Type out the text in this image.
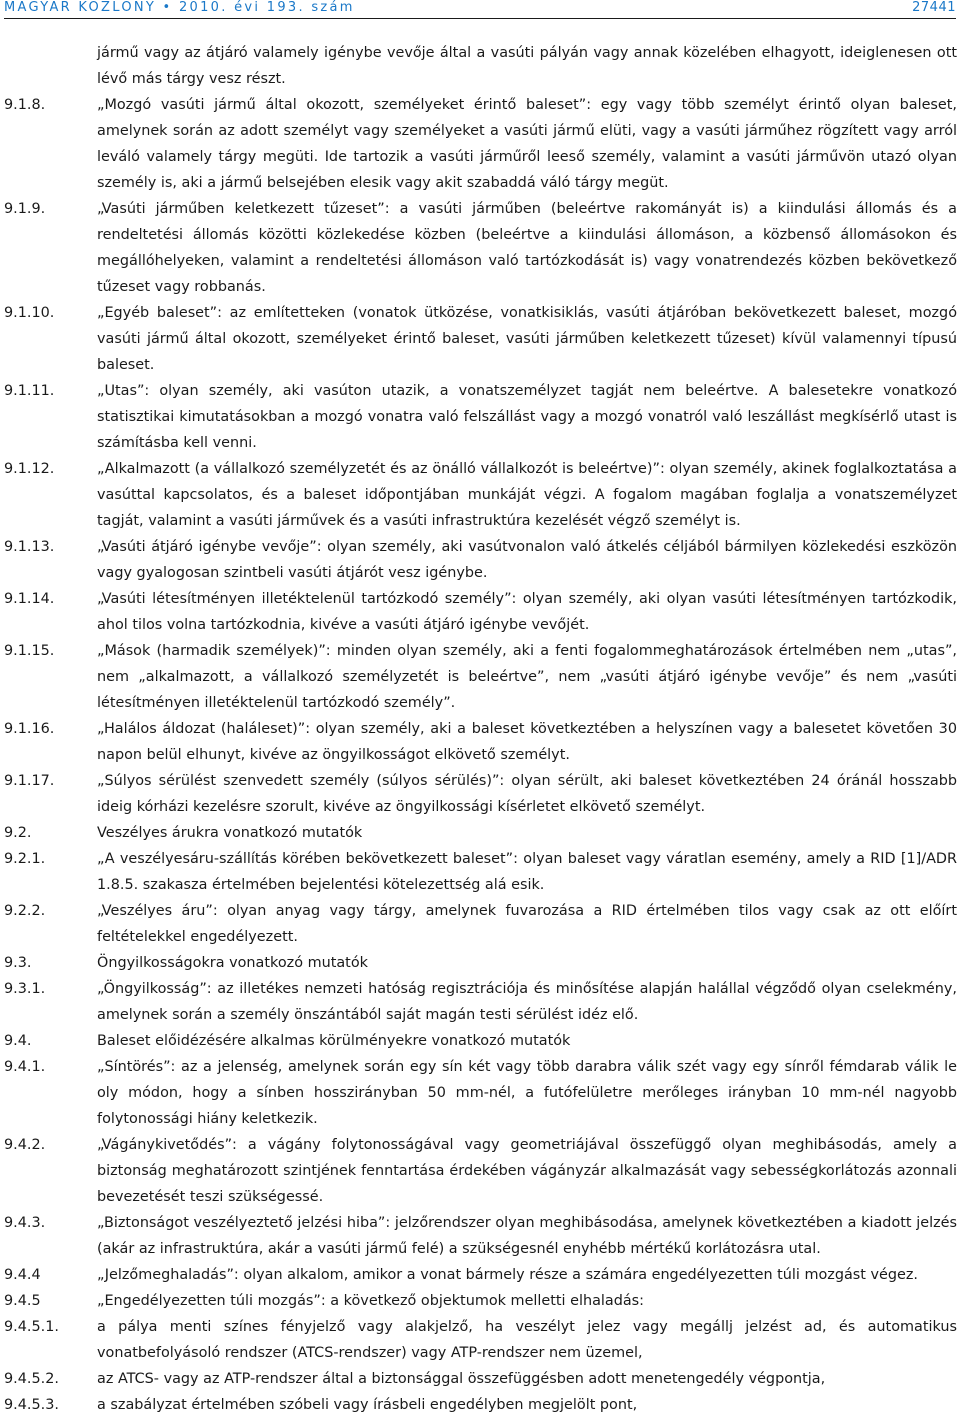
MAGYAR KÖZLÖNY • 2010. évi 193. szám	27441
jármű vagy az átjáró valamely igénybe vevője által a vasúti pályán vagy annak közelében elhagyott, ideiglenesen ott lévő más tárgy vesz részt.
9.1.8.	„Mozgó vasúti jármű által okozott, személyeket érintő baleset”: egy vagy több személyt érintő olyan baleset, amelynek során az adott személyt vagy személyeket a vasúti jármű elüti, vagy a vasúti járműhez rögzített vagy arról leváló valamely tárgy megüti. Ide tartozik a vasúti járműről leeső személy, valamint a vasúti járművön utazó olyan személy is, aki a jármű belsejében elesik vagy akit szabaddá váló tárgy megüt.
9.1.9.	„Vasúti járműben keletkezett tűzeset”: a vasúti járműben (beleértve rakományát is) a kiindulási állomás és a rendeltetési állomás közötti közlekedése közben (beleértve a kiindulási állomáson, a közbenső állomásokon és megállóhelyeken, valamint a rendeltetési állomáson való tartózkodását is) vagy vonatrendezés közben bekövetkező tűzeset vagy robbanás.
9.1.10.	„Egyéb baleset”: az említetteken (vonatok ütközése, vonatkisiklás, vasúti átjáróban bekövetkezett baleset, mozgó vasúti jármű által okozott, személyeket érintő baleset, vasúti járműben keletkezett tűzeset) kívül valamennyi típusú baleset.
9.1.11.	„Utas”: olyan személy, aki vasúton utazik, a vonatszemélyzet tagját nem beleértve. A balesetekre vonatkozó statisztikai kimutatásokban a mozgó vonatra való felszállást vagy a mozgó vonatról való leszállást megkísérlő utast is számításba kell venni.
9.1.12.	„Alkalmazott (a vállalkozó személyzetét és az önálló vállalkozót is beleértve)”: olyan személy, akinek foglalkoztatása a vasúttal kapcsolatos, és a baleset időpontjában munkáját végzi. A fogalom magában foglalja a vonatszemélyzet tagját, valamint a vasúti járművek és a vasúti infrastruktúra kezelését végző személyt is.
9.1.13.	„Vasúti átjáró igénybe vevője”: olyan személy, aki vasútvonalon való átkelés céljából bármilyen közlekedési eszközön vagy gyalogosan szintbeli vasúti átjárót vesz igénybe.
9.1.14.	„Vasúti létesítményen illetéktelenül tartózkodó személy”: olyan személy, aki olyan vasúti létesítményen tartózkodik, ahol tilos volna tartózkodnia, kivéve a vasúti átjáró igénybe vevőjét.
9.1.15.	„Mások (harmadik személyek)”: minden olyan személy, aki a fenti fogalommeghatározások értelmében nem „utas”, nem „alkalmazott, a vállalkozó személyzetét is beleértve”, nem „vasúti átjáró igénybe vevője” és nem „vasúti létesítményen illetéktelenül tartózkodó személy”.
9.1.16.	„Halálos áldozat (haláleset)”: olyan személy, aki a baleset következtében a helyszínen vagy a balesetet követően 30 napon belül elhunyt, kivéve az öngyilkosságot elkövető személyt.
9.1.17.	„Súlyos sérülést szenvedett személy (súlyos sérülés)”: olyan sérült, aki baleset következtében 24 óránál hosszabb ideig kórházi kezelésre szorult, kivéve az öngyilkossági kísérletet elkövető személyt.
9.2.	Veszélyes árukra vonatkozó mutatók
9.2.1.	„A veszélyesáru-szállítás körében bekövetkezett baleset”: olyan baleset vagy váratlan esemény, amely a RID [1]/ADR 1.8.5. szakasza értelmében bejelentési kötelezettség alá esik.
9.2.2.	„Veszélyes áru”: olyan anyag vagy tárgy, amelynek fuvarozása a RID értelmében tilos vagy csak az ott előírt feltételekkel engedélyezett.
9.3.	Öngyilkosságokra vonatkozó mutatók
9.3.1.	„Öngyilkosság”: az illetékes nemzeti hatóság regisztrációja és minősítése alapján halállal végződő olyan cselekmény, amelynek során a személy önszántából saját magán testi sérülést idéz elő.
9.4.	Baleset előidézésére alkalmas körülményekre vonatkozó mutatók
9.4.1.	„Síntörés”: az a jelenség, amelynek során egy sín két vagy több darabra válik szét vagy egy sínről fémdarab válik le oly módon, hogy a sínben hosszirányban 50 mm-nél, a futófelületre merőleges irányban 10 mm-nél nagyobb folytonossági hiány keletkezik.
9.4.2.	„Vágánykivetődés”: a vágány folytonosságával vagy geometriájával összefüggő olyan meghibásodás, amely a biztonság meghatározott szintjének fenntartása érdekében vágányzár alkalmazását vagy sebességkorlátozás azonnali bevezetését teszi szükségessé.
9.4.3.	„Biztonságot veszélyeztető jelzési hiba”: jelzőrendszer olyan meghibásodása, amelynek következtében a kiadott jelzés (akár az infrastruktúra, akár a vasúti jármű felé) a szükségesnél enyhébb mértékű korlátozásra utal.
9.4.4	„Jelzőmeghaladás”: olyan alkalom, amikor a vonat bármely része a számára engedélyezetten túli mozgást végez.
9.4.5	„Engedélyezetten túli mozgás”: a következő objektumok melletti elhaladás:
9.4.5.1.	a pálya menti színes fényjelző vagy alakjelző, ha veszélyt jelez vagy megállj jelzést ad, és automatikus vonatbefolyásoló rendszer (ATCS-rendszer) vagy ATP-rendszer nem üzemel,
9.4.5.2.	az ATCS- vagy az ATP-rendszer által a biztonsággal összefüggésben adott menetengedély végpontja,
9.4.5.3.	a szabályzat értelmében szóbeli vagy írásbeli engedélyben megjelölt pont,
